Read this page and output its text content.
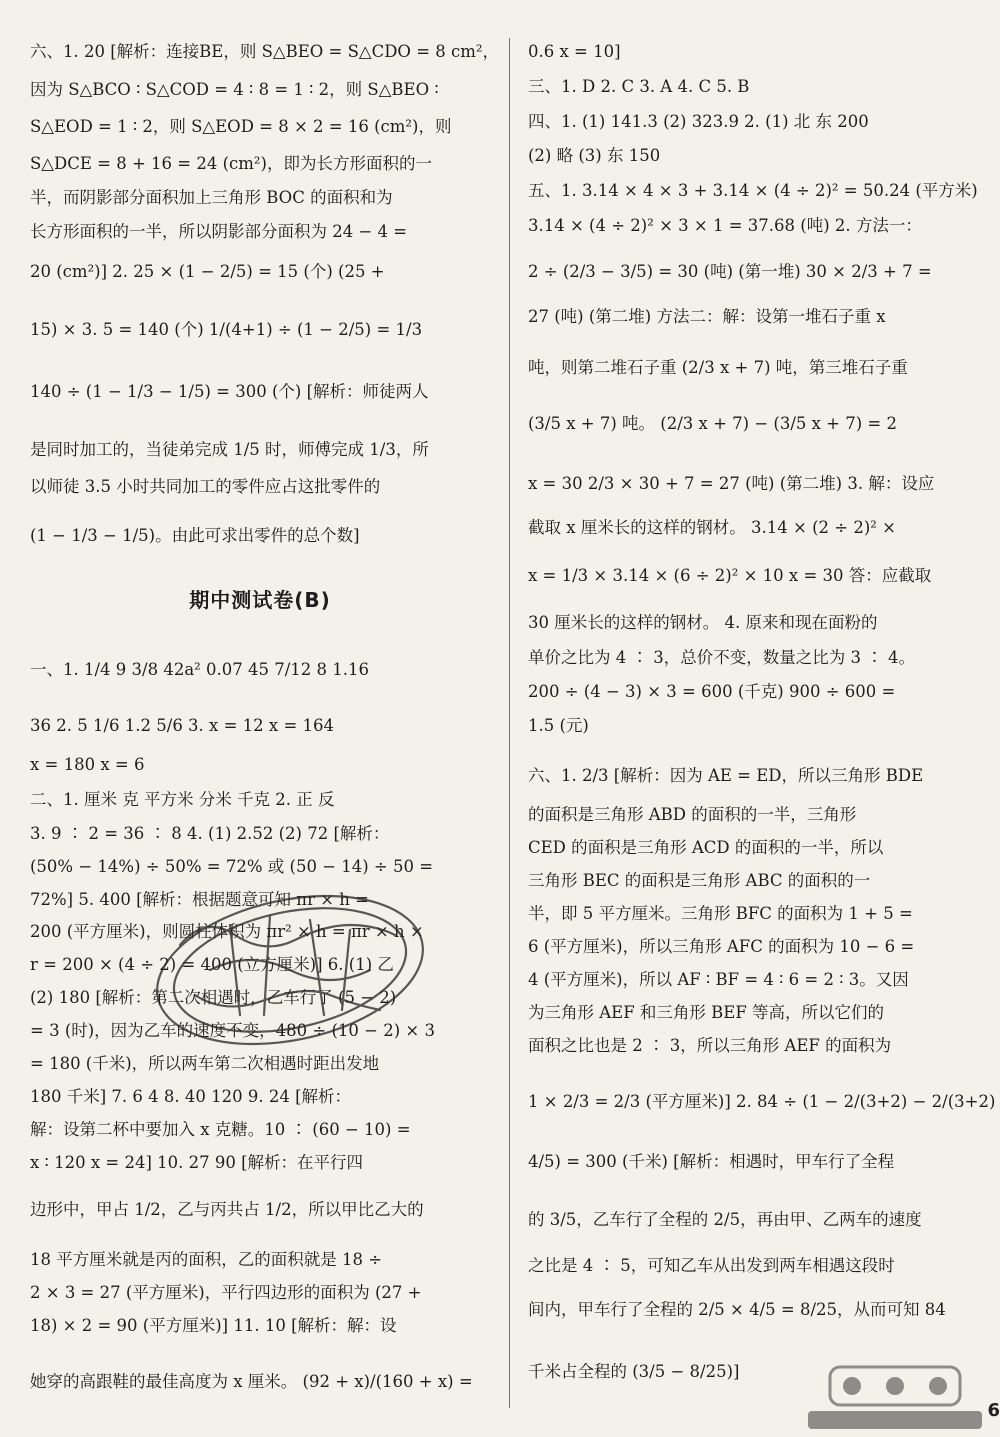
六、1. 20 [解析：连接BE，则 S△BEO = S△CDO = 8 cm²，
因为 S△BCO ∶ S△COD = 4 ∶ 8 = 1 ∶ 2，则 S△BEO ∶
S△EOD = 1 ∶ 2，则 S△EOD = 8 × 2 = 16 (cm²)，则
S△DCE = 8 + 16 = 24 (cm²)，即为长方形面积的一
半，而阴影部分面积加上三角形 BOC 的面积和为
长方形面积的一半，所以阴影部分面积为 24 − 4 =
20 (cm²)] 2. 25 × (1 − 2/5) = 15 (个) (25 +
15) × 3. 5 = 140 (个) 1/(4+1) ÷ (1 − 2/5) = 1/3
140 ÷ (1 − 1/3 − 1/5) = 300 (个) [解析：师徒两人
是同时加工的，当徒弟完成 1/5 时，师傅完成 1/3，所
以师徒 3.5 小时共同加工的零件应占这批零件的
(1 − 1/3 − 1/5)。由此可求出零件的总个数]
期中测试卷(B)
一、1. 1/4 9 3/8 42a² 0.07 45 7/12 8 1.16
36 2. 5 1/6 1.2 5/6 3. x = 12 x = 164
x = 180 x = 6
二、1. 厘米 克 平方米 分米 千克 2. 正 反
3. 9 ∶ 2 = 36 ∶ 8 4. (1) 2.52 (2) 72 [解析：
(50% − 14%) ÷ 50% = 72% 或 (50 − 14) ÷ 50 =
72%] 5. 400 [解析：根据题意可知 πr × h =
200 (平方厘米)，则圆柱体积为 πr² × h = πr × h ×
r = 200 × (4 ÷ 2) = 400 (立方厘米)] 6. (1) 乙
(2) 180 [解析：第二次相遇时，乙车行了 (5 − 2)
= 3 (时)，因为乙车的速度不变，480 ÷ (10 − 2) × 3
= 180 (千米)，所以两车第二次相遇时距出发地
180 千米] 7. 6 4 8. 40 120 9. 24 [解析：
解：设第二杯中要加入 x 克糖。10 ∶ (60 − 10) =
x ∶ 120 x = 24] 10. 27 90 [解析：在平行四
边形中，甲占 1/2，乙与丙共占 1/2，所以甲比乙大的
18 平方厘米就是丙的面积，乙的面积就是 18 ÷
2 × 3 = 27 (平方厘米)，平行四边形的面积为 (27 +
18) × 2 = 90 (平方厘米)] 11. 10 [解析：解：设
她穿的高跟鞋的最佳高度为 x 厘米。 (92 + x)/(160 + x) =
0.6 x = 10]
三、1. D 2. C 3. A 4. C 5. B
四、1. (1) 141.3 (2) 323.9 2. (1) 北 东 200
(2) 略 (3) 东 150
五、1. 3.14 × 4 × 3 + 3.14 × (4 ÷ 2)² = 50.24 (平方米)
3.14 × (4 ÷ 2)² × 3 × 1 = 37.68 (吨) 2. 方法一：
2 ÷ (2/3 − 3/5) = 30 (吨) (第一堆) 30 × 2/3 + 7 =
27 (吨) (第二堆) 方法二：解：设第一堆石子重 x
吨，则第二堆石子重 (2/3 x + 7) 吨，第三堆石子重
(3/5 x + 7) 吨。 (2/3 x + 7) − (3/5 x + 7) = 2
x = 30 2/3 × 30 + 7 = 27 (吨) (第二堆) 3. 解：设应
截取 x 厘米长的这样的钢材。 3.14 × (2 ÷ 2)² ×
x = 1/3 × 3.14 × (6 ÷ 2)² × 10 x = 30 答：应截取
30 厘米长的这样的钢材。 4. 原来和现在面粉的
单价之比为 4 ∶ 3，总价不变，数量之比为 3 ∶ 4。
200 ÷ (4 − 3) × 3 = 600 (千克) 900 ÷ 600 =
1.5 (元)
六、1. 2/3 [解析：因为 AE = ED，所以三角形 BDE
的面积是三角形 ABD 的面积的一半，三角形
CED 的面积是三角形 ACD 的面积的一半，所以
三角形 BEC 的面积是三角形 ABC 的面积的一
半，即 5 平方厘米。三角形 BFC 的面积为 1 + 5 =
6 (平方厘米)，所以三角形 AFC 的面积为 10 − 6 =
4 (平方厘米)，所以 AF ∶ BF = 4 ∶ 6 = 2 ∶ 3。又因
为三角形 AEF 和三角形 BEF 等高，所以它们的
面积之比也是 2 ∶ 3，所以三角形 AEF 的面积为
1 × 2/3 = 2/3 (平方厘米)] 2. 84 ÷ (1 − 2/(3+2) − 2/(3+2)
4/5) = 300 (千米) [解析：相遇时，甲车行了全程
的 3/5，乙车行了全程的 2/5，再由甲、乙两车的速度
之比是 4 ∶ 5，可知乙车从出发到两车相遇这段时
间内，甲车行了全程的 2/5 × 4/5 = 8/25，从而可知 84
千米占全程的 (3/5 − 8/25)]
6
